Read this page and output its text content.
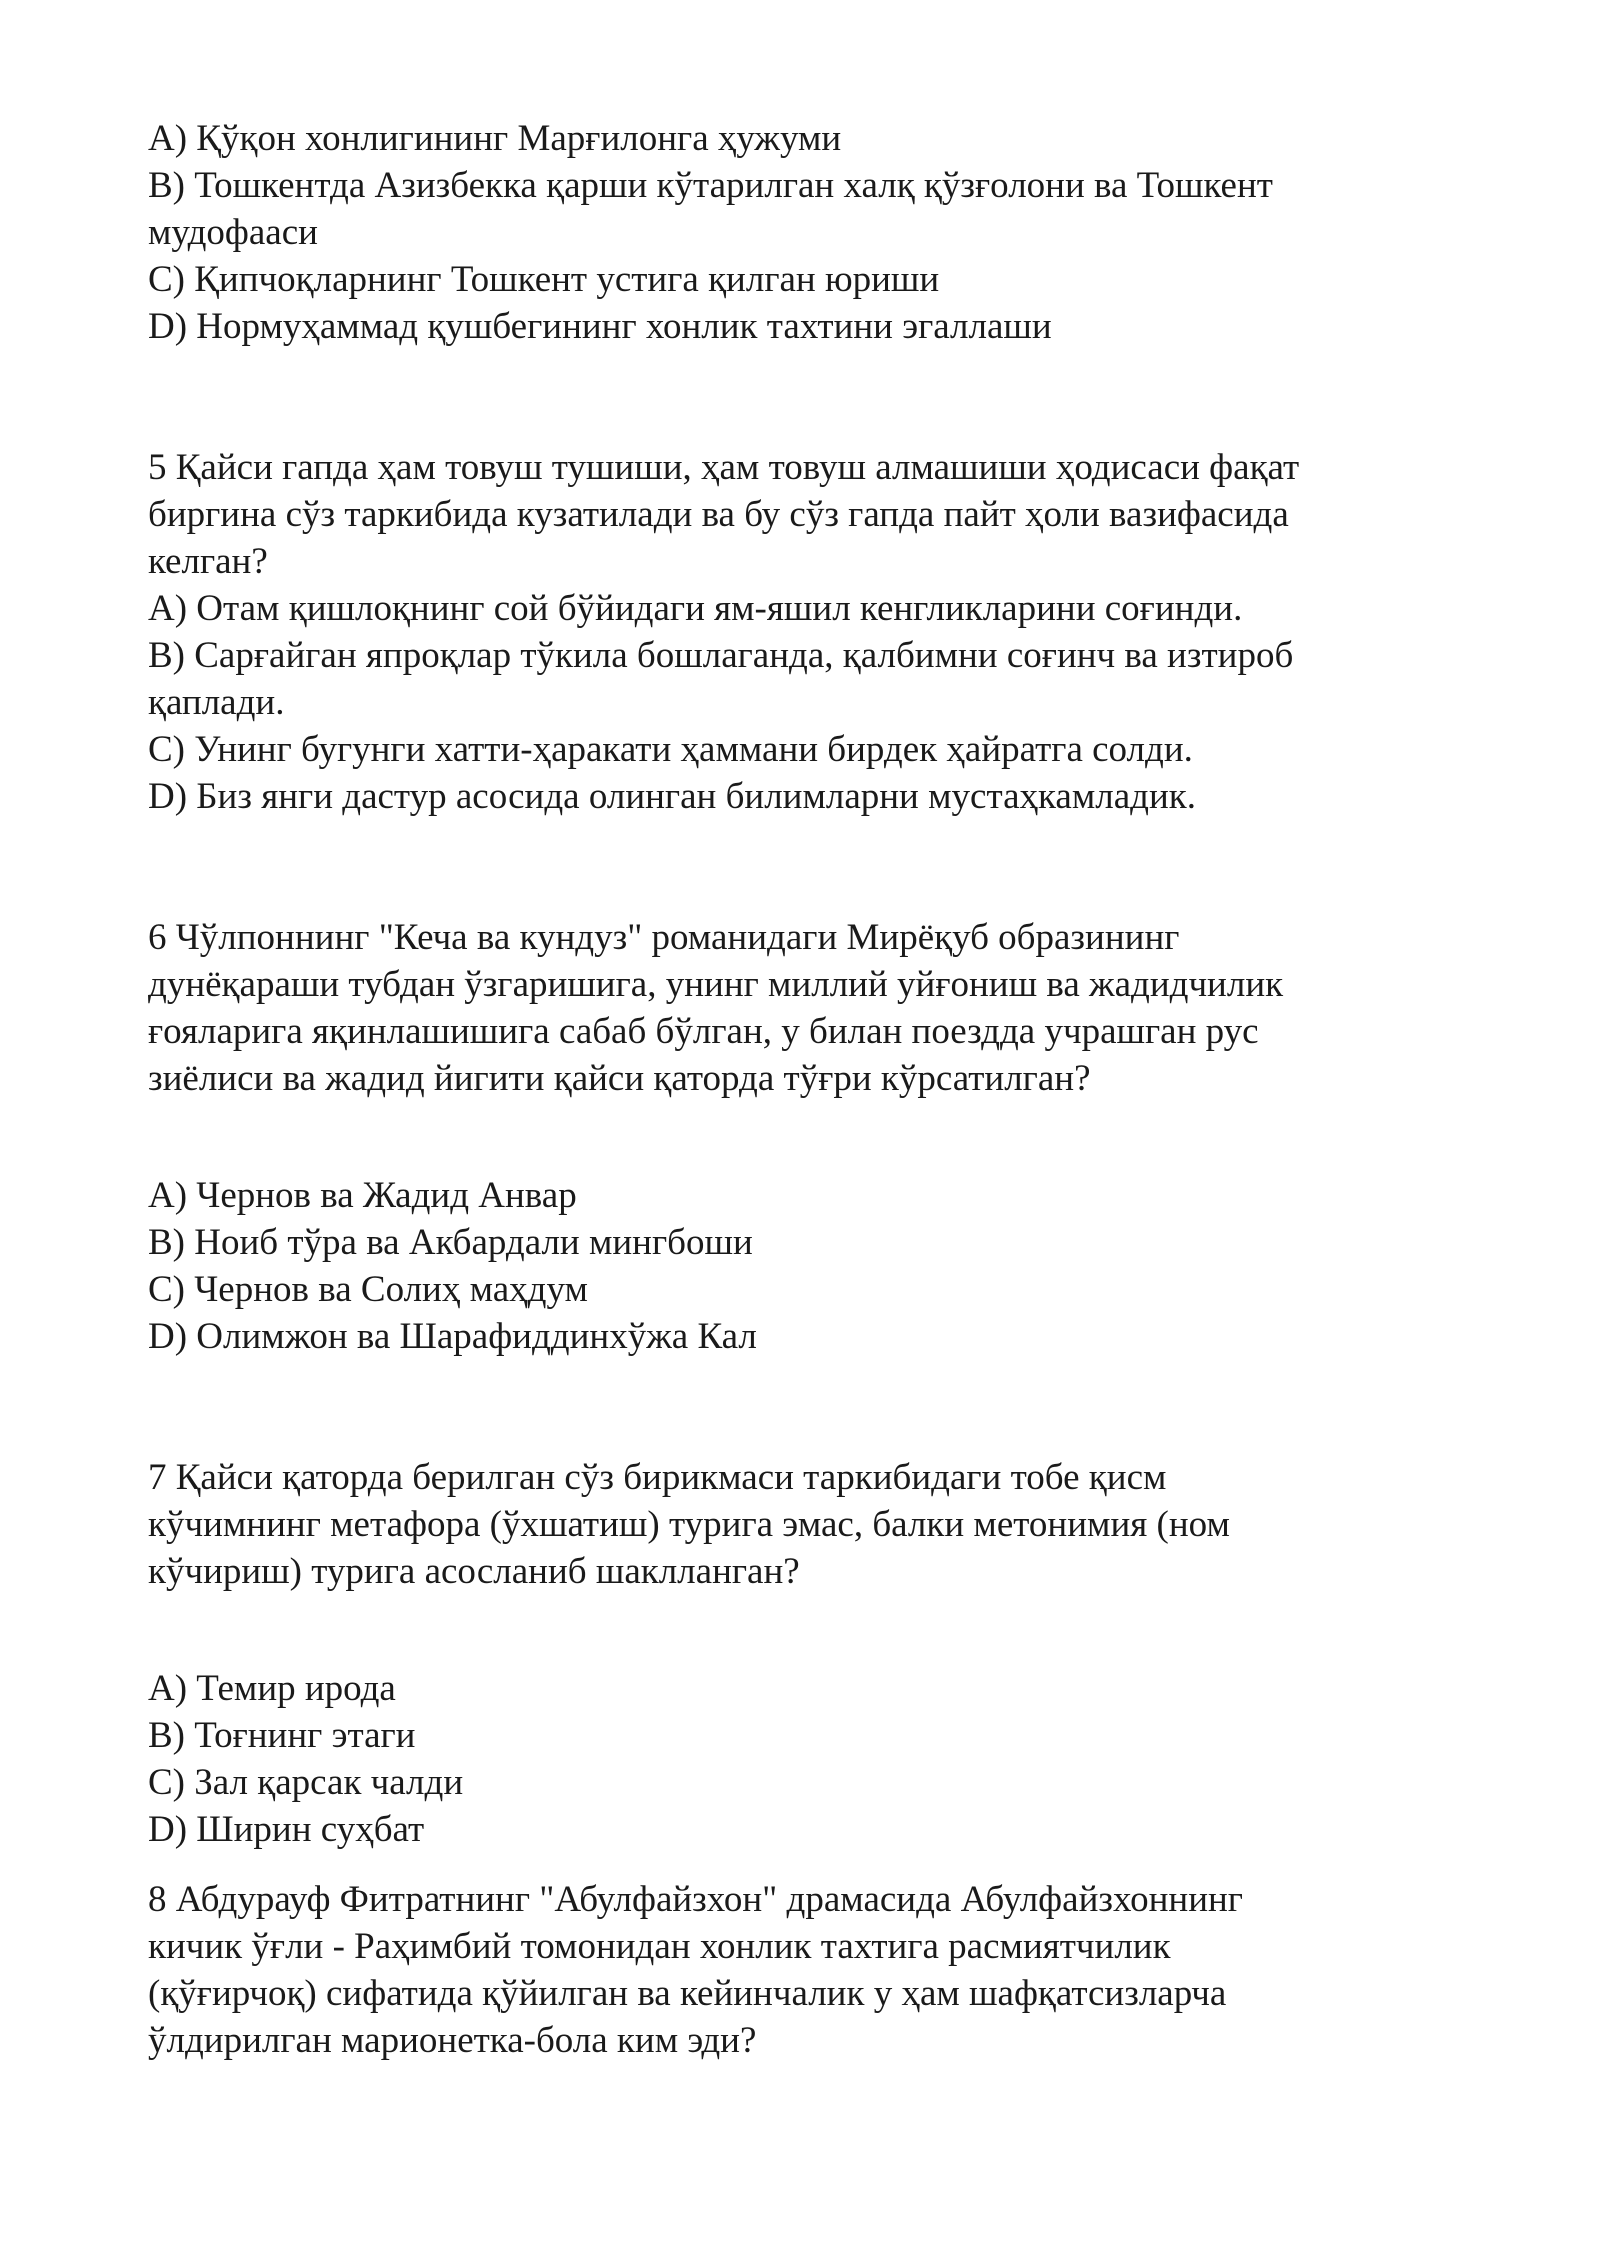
A) Қўқон хонлигининг Марғилонга ҳужуми
B) Тошкентда Азизбекка қарши кўтарилган халқ қўзғолони ва Тошкент
мудофааси
C) Қипчоқларнинг Тошкент устига қилган юриши
D) Нормуҳаммад қушбегининг хонлик тахтини эгаллаши
5 Қайси гапда ҳам товуш тушиши, ҳам товуш алмашиши ҳодисаси фақат
биргина сўз таркибида кузатилади ва бу сўз гапда пайт ҳоли вазифасида
келган?
A) Отам қишлоқнинг сой бўйидаги ям-яшил кенгликларини соғинди.
B) Сарғайган япроқлар тўкила бошлаганда, қалбимни соғинч ва изтироб
қаплади.
C) Унинг бугунги хатти-ҳаракати ҳаммани бирдек ҳайратга солди.
D) Биз янги дастур асосида олинган билимларни мустаҳкамладик.
6 Чўлпоннинг "Кеча ва кундуз" романидаги Мирёқуб образининг
дунёқараши тубдан ўзгаришига, унинг миллий уйғониш ва жадидчилик
ғояларига яқинлашишига сабаб бўлган, у билан поездда учрашган рус
зиёлиси ва жадид йигити қайси қаторда тўғри кўрсатилган?
A) Чернов ва Жадид Анвар
B) Ноиб тўра ва Акбардали мингбоши
C) Чернов ва Солиҳ маҳдум
D) Олимжон ва Шарафиддинхўжа Кал
7 Қайси қаторда берилган сўз бирикмаси таркибидаги тобе қисм
кўчимнинг метафора (ўхшатиш) турига эмас, балки метонимия (ном
кўчириш) турига асосланиб шаклланган?
A) Темир ирода
B) Тоғнинг этаги
C) Зал қарсак чалди
D) Ширин суҳбат
8 Абдурауф Фитратнинг "Абулфайзхон" драмасида Абулфайзхоннинг
кичик ўғли - Раҳимбий томонидан хонлик тахтига расмиятчилик
(қўғирчоқ) сифатида қўйилган ва кейинчалик у ҳам шафқатсизларча
ўлдирилган марионетка-бола ким эди?
